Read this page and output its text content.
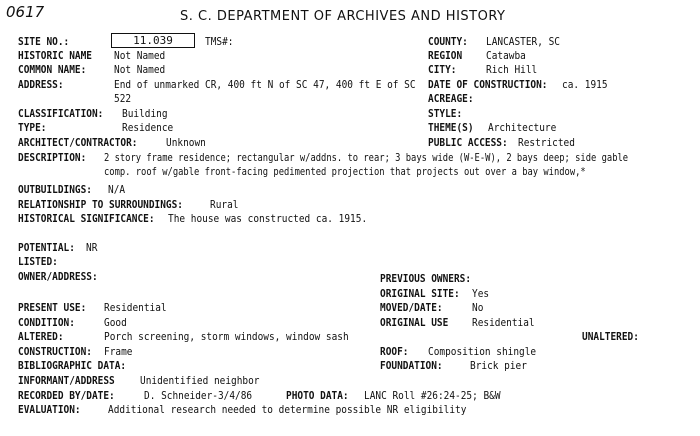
0617	S. C. DEPARTMENT OF ARCHIVES AND HISTORY
SITE NO.:	11.039	TMS#:
HISTORIC NAME Not Named
COMMON NAME:	Not Named
ADDRESS:	End of unmarked CR, 400 ft N of SC 47, 400 ft E of SC
522
CLASSIFICATION: Building
TYPE:	Residence
ARCHITECT/CONTRACTOR:	Unknown
COUNTY: LANCASTER, SC
REGION Catawba
CITY:	Rich Hill
DATE OF CONSTRUCTION: ca. 1915
ACREAGE:
STYLE:
THEME(S) Architecture
PUBLIC ACCESS: Restricted
DESCRIPTION: 2 story frame residence; rectangular w/addns. to rear; 3 bays wide (W-E-W), 2 bays deep; side gable
comp. roof w/gable front-facing pedimented projection that projects out over a bay window,*
OUTBUILDINGS: N/A
RELATIONSHIP TO SURROUNDINGS:	Rural
HISTORICAL SIGNIFICANCE: The house was constructed ca. 1915.
POTENTIAL: NR
LISTED:
OWNER/ADDRESS:	PREVIOUS OWNERS:
ORIGINAL SITE: Yes
MOVED/DATE:	No
ORIGINAL USE Residential
PRESENT USE: Residential
CONDITION:	Good
ALTERED:	Porch screening, storm windows, window sash	UNALTERED:
CONSTRUCTION: Frame	ROOF: Composition shingle
BIBLIOGRAPHIC DATA:	FOUNDATION:	Brick pier
INFORMANT/ADDRESS Unidentified neighbor
RECORDED BY/DATE:	D. Schneider-3/4/86	PHOTO DATA: LANC Roll #26:24-25; B&W
EVALUATION:	Additional research needed to determine possible NR eligibility
